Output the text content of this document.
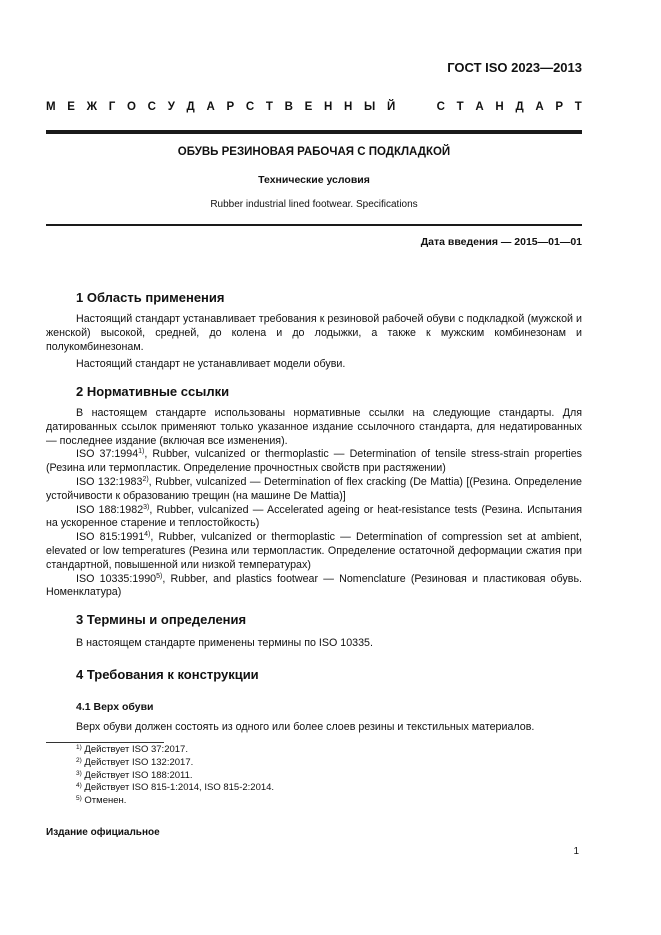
ГОСТ ISO 2023—2013
М Е Ж Г О С У Д А Р С Т В Е Н Н Ы Й	С Т А Н Д А Р Т
ОБУВЬ РЕЗИНОВАЯ РАБОЧАЯ С ПОДКЛАДКОЙ
Технические условия
Rubber industrial lined footwear. Specifications
Дата введения — 2015—01—01
1 Область применения

Настоящий стандарт устанавливает требования к резиновой рабочей обуви с подкладкой (мужской и женской) высокой, средней, до колена и до лодыжки, а также к мужским комбинезонам и полукомбинезонам.

Настоящий стандарт не устанавливает модели обуви.

2 Нормативные ссылки

В настоящем стандарте использованы нормативные ссылки на следующие стандарты. Для датированных ссылок применяют только указанное издание ссылочного стандарта, для недатированных — последнее издание (включая все изменения).

ISO 37:1994$^{1)}$, Rubber, vulcanized or thermoplastic — Determination of tensile stress-strain properties (Резина или термопластик. Определение прочностных свойств при растяжении)

ISO 132:1983$^{2)}$, Rubber, vulcanized — Determination of flex cracking (De Mattia) [(Резина. Определение устойчивости к образованию трещин (на машине De Mattia)]

ISO 188:1982$^{3)}$, Rubber, vulcanized — Accelerated ageing or heat-resistance tests (Резина. Испытания на ускоренное старение и теплостойкость)

ISO 815:1991$^{4)}$, Rubber, vulcanized or thermoplastic — Determination of compression set at ambient, elevated or low temperatures (Резина или термопластик. Определение остаточной деформации сжатия при стандартной, повышенной или низкой температурах)

ISO 10335:1990$^{5)}$, Rubber, and plastics footwear — Nomenclature (Резиновая и пластиковая обувь. Номенклатура)

3 Термины и определения

В настоящем стандарте применены термины по ISO 10335.

4 Требования к конструкции
4.1 Верх обуви

Верх обуви должен состоять из одного или более слоев резины и текстильных материалов.

$^{1)}$ Действует ISO 37:2017.
$^{2)}$ Действует ISO 132:2017.
$^{3)}$ Действует ISO 188:2011.
$^{4)}$ Действует ISO 815-1:2014, ISO 815-2:2014.
$^{5)}$ Отменен.
Издание официальное
1
